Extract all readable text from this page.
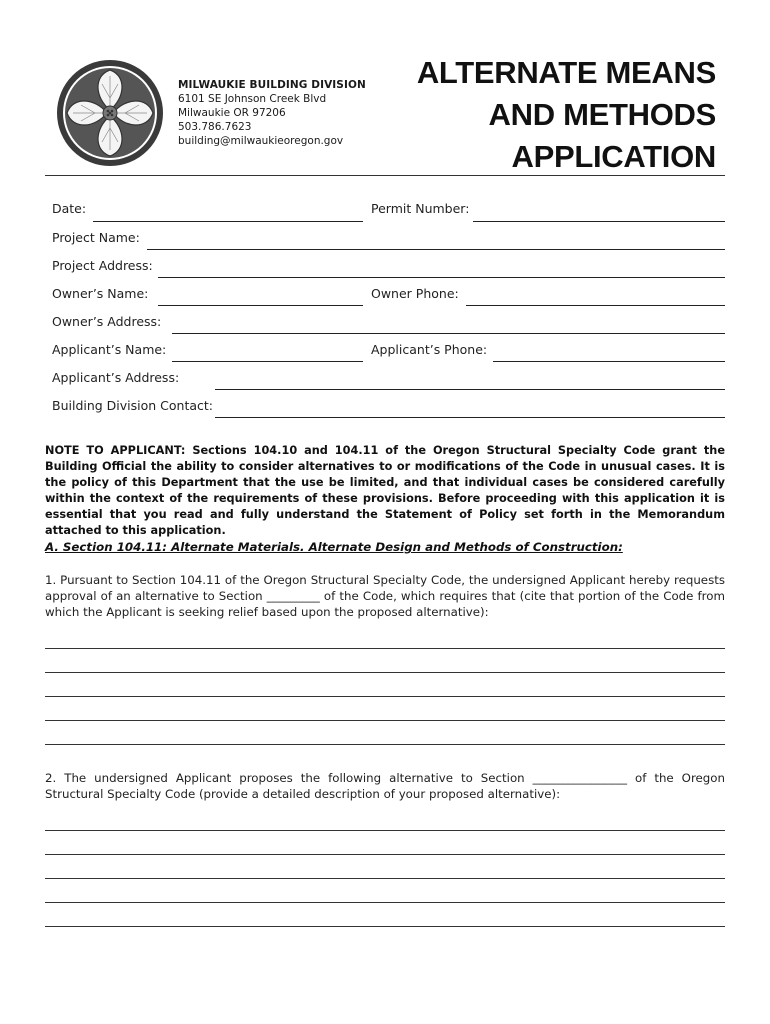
MILWAUKIE BUILDING DIVISION
6101 SE Johnson Creek Blvd
Milwaukie OR 97206
503.786.7623
building@milwaukieoregon.gov
ALTERNATE MEANS
AND METHODS
APPLICATION
Date:	Permit Number:
Project Name:
Project Address:
Owner’s Name:	Owner Phone:
Owner’s Address:
Applicant’s Name:	Applicant’s Phone:
Applicant’s Address:
Building Division Contact:
NOTE TO APPLICANT: Sections 104.10 and 104.11 of the Oregon Structural Specialty Code grant the Building Official the ability to consider alternatives to or modifications of the Code in unusual cases. It is the policy of this Department that the use be limited, and that individual cases be considered carefully within the context of the requirements of these provisions. Before proceeding with this application it is essential that you read and fully understand the Statement of Policy set forth in the Memorandum attached to this application.
A. Section 104.11: Alternate Materials. Alternate Design and Methods of Construction:
1. Pursuant to Section 104.11 of the Oregon Structural Specialty Code, the undersigned Applicant hereby requests approval of an alternative to Section _________ of the Code, which requires that (cite that portion of the Code from which the Applicant is seeking relief based upon the proposed alternative):
2. The undersigned Applicant proposes the following alternative to Section ________________ of the Oregon Structural Specialty Code (provide a detailed description of your proposed alternative):
